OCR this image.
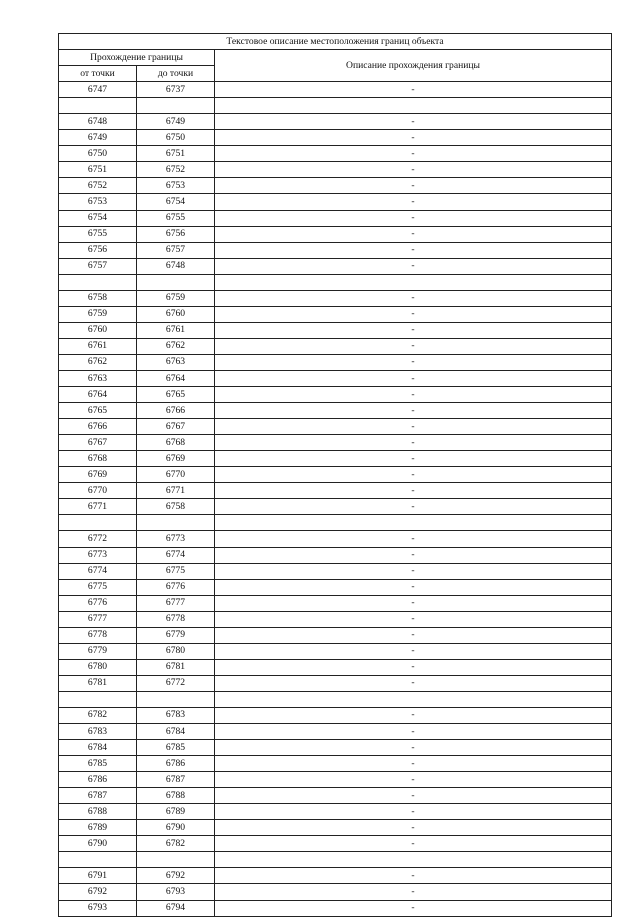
Текстовое описание местоположения границ объекта		
Прохождение границы		Описание прохождения границы
от точки	до точки	
6747	6737	-

6748	6749	-
6749	6750	-
6750	6751	-
6751	6752	-
6752	6753	-
6753	6754	-
6754	6755	-
6755	6756	-
6756	6757	-
6757	6748	-

6758	6759	-
6759	6760	-
6760	6761	-
6761	6762	-
6762	6763	-
6763	6764	-
6764	6765	-
6765	6766	-
6766	6767	-
6767	6768	-
6768	6769	-
6769	6770	-
6770	6771	-
6771	6758	-

6772	6773	-
6773	6774	-
6774	6775	-
6775	6776	-
6776	6777	-
6777	6778	-
6778	6779	-
6779	6780	-
6780	6781	-
6781	6772	-

6782	6783	-
6783	6784	-
6784	6785	-
6785	6786	-
6786	6787	-
6787	6788	-
6788	6789	-
6789	6790	-
6790	6782	-

6791	6792	-
6792	6793	-
6793	6794	-
